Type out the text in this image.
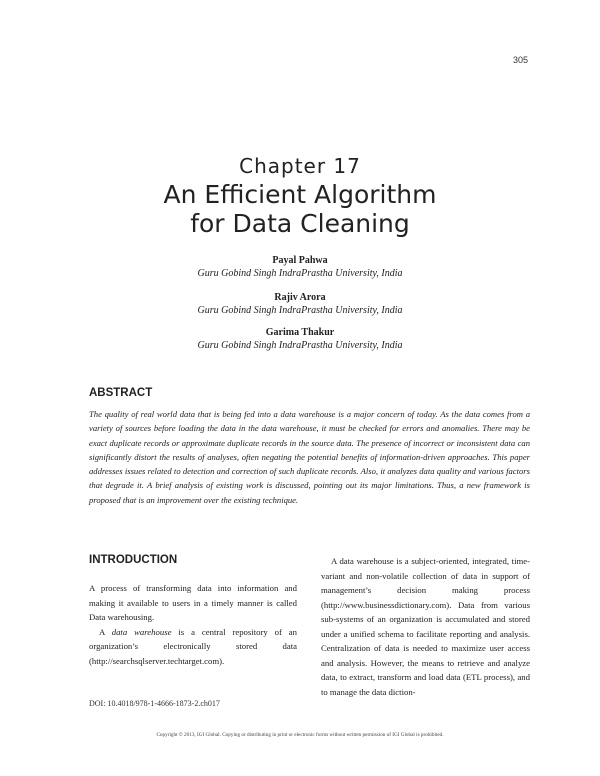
305
Chapter 17
An Efficient Algorithm
for Data Cleaning
Payal Pahwa
Guru Gobind Singh IndraPrastha University, India
Rajiv Arora
Guru Gobind Singh IndraPrastha University, India
Garima Thakur
Guru Gobind Singh IndraPrastha University, India
ABSTRACT
The quality of real world data that is being fed into a data warehouse is a major concern of today. As the data comes from a variety of sources before loading the data in the data warehouse, it must be checked for errors and anomalies. There may be exact duplicate records or approximate duplicate records in the source data. The presence of incorrect or inconsistent data can significantly distort the results of analyses, often negating the potential benefits of information-driven approaches. This paper addresses issues related to detection and correction of such duplicate records. Also, it analyzes data quality and various factors that degrade it. A brief analysis of existing work is discussed, pointing out its major limitations. Thus, a new framework is proposed that is an improvement over the existing technique.
INTRODUCTION

A process of transforming data into information and making it available to users in a timely manner is called Data warehousing.

A data warehouse is a central repository of an organization’s electronically stored data (http://searchsqlserver.techtarget.com).

A data warehouse is a subject-oriented, integrated, time-variant and non-volatile collection of data in support of management’s decision making process (http://www.businessdictionary.com). Data from various sub-systems of an organization is accumulated and stored under a unified schema to facilitate reporting and analysis. Centralization of data is needed to maximize user access and analysis. However, the means to retrieve and analyze data, to extract, transform and load data (ETL process), and to manage the data diction-

DOI: 10.4018/978-1-4666-1873-2.ch017
Copyright © 2013, IGI Global. Copying or distributing in print or electronic forms without written permission of IGI Global is prohibited.
